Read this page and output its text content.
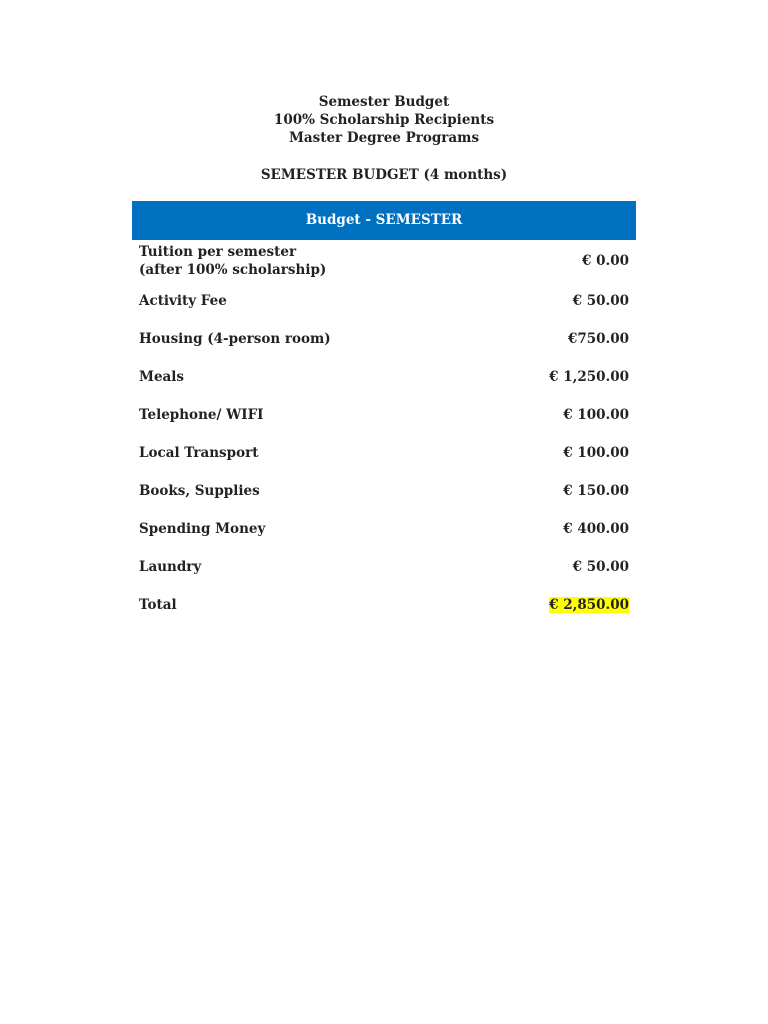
Semester Budget
100% Scholarship Recipients
Master Degree Programs
SEMESTER BUDGET (4 months)
Budget - SEMESTER
Tuition per semester
(after 100% scholarship)
€ 0.00
Activity Fee	€ 50.00
Housing (4-person room)	€750.00
Meals	€ 1,250.00
Telephone/ WIFI	€ 100.00
Local Transport	€ 100.00
Books, Supplies	€ 150.00
Spending Money	€ 400.00
Laundry	€ 50.00
Total	€ 2,850.00
